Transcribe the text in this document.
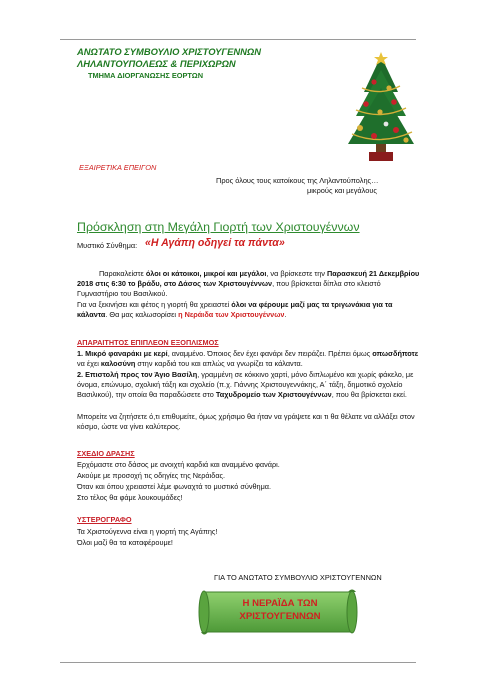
ΑΝΩΤΑΤΟ ΣΥΜΒΟΥΛΙΟ ΧΡΙΣΤΟΥΓΕΝΝΩΝ
ΛΗΛΑΝΤΟΥΠΟΛΕΩΣ & ΠΕΡΙΧΩΡΩΝ
ΤΜΗΜΑ ΔΙΟΡΓΑΝΩΣΗΣ ΕΟΡΤΩΝ
ΕΞΑΙΡΕΤΙΚΑ ΕΠΕΙΓΟΝ
Προς όλους τους κατοίκους της Ληλαντούπολης…
μικρούς και μεγάλους
Πρόσκληση στη Μεγάλη Γιορτή των Χριστουγέννων
Μυστικό Σύνθημα: «Η Αγάπη οδηγεί τα πάντα»
Παρακαλείστε όλοι οι κάτοικοι, μικροί και μεγάλοι, να βρίσκεστε την Παρασκευή 21 Δεκεμβρίου 2018 στις 6:30 το βράδυ, στο Δάσος των Χριστουγέννων, που βρίσκεται δίπλα στο κλειστό Γυμναστήριο του Βασιλικού.
Για να ξεκινήσει και φέτος η γιορτή θα χρειαστεί όλοι να φέρουμε μαζί μας τα τριγωνάκια για τα κάλαντα. Θα μας καλωσορίσει η Νεράιδα των Χριστουγέννων.
ΑΠΑΡΑΙΤΗΤΟΣ ΕΠΙΠΛΕΟΝ ΕΞΟΠΛΙΣΜΟΣ
1. Μικρό φαναράκι με κερί, αναμμένο. Όποιος δεν έχει φανάρι δεν πειράζει. Πρέπει όμως οπωσδήποτε να έχει καλοσύνη στην καρδιά του και απλώς να γνωρίζει τα κάλαντα.
2. Επιστολή προς τον Άγιο Βασίλη, γραμμένη σε κόκκινο χαρτί, μόνο διπλωμένο και χωρίς φάκελο, με όνομα, επώνυμο, σχολική τάξη και σχολείο (π.χ. Γιάννης Χριστουγεννάκης, Α΄ τάξη, δημοτικό σχολείο Βασιλικού), την οποία θα παραδώσετε στο Ταχυδρομείο των Χριστουγέννων, που θα βρίσκεται εκεί.
Μπορείτε να ζητήσετε ό,τι επιθυμείτε, όμως χρήσιμο θα ήταν να γράψετε και τι θα θέλατε να αλλάξει στον κόσμο, ώστε να γίνει καλύτερος.
ΣΧΕΔΙΟ ΔΡΑΣΗΣ
Ερχόμαστε στο δάσος με ανοιχτή καρδιά και αναμμένο φανάρι.
Ακούμε με προσοχή τις οδηγίες της Νεράιδας.
Όταν και όπου χρειαστεί λέμε φωναχτά το μυστικό σύνθημα.
Στο τέλος θα φάμε λουκουμάδες!
ΥΣΤΕΡΟΓΡΑΦΟ
Τα Χριστούγεννα είναι η γιορτή της Αγάπης!
Όλοι μαζί θα τα καταφέρουμε!
ΓΙΑ ΤΟ ΑΝΩΤΑΤΟ ΣΥΜΒΟΥΛΙΟ ΧΡΙΣΤΟΥΓΕΝΝΩΝ
Η ΝΕΡΑΪΔΑ ΤΩΝ
ΧΡΙΣΤΟΥΓΕΝΝΩΝ
